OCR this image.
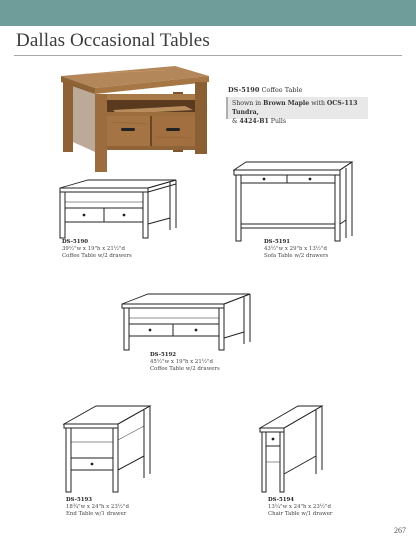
Dallas Occasional Tables
DS-5190 Coffee Table
Shown in Brown Maple with OCS-113 Tundra,
& 4424-B1 Pulls
DS-5190
39½"w x 19"h x 21½"d
Coffee Table w/2 drawers
DS-5191
43½"w x 29"h x 13½"d
Sofa Table w/2 drawers
DS-5192
45½"w x 19"h x 21½"d
Coffee Table w/2 drawers
DS-5193
18¾"w x 24"h x 23½"d
End Table w/1 drawer
DS-5194
13¼"w x 24"h x 23½"d
Chair Table w/1 drawer
267
